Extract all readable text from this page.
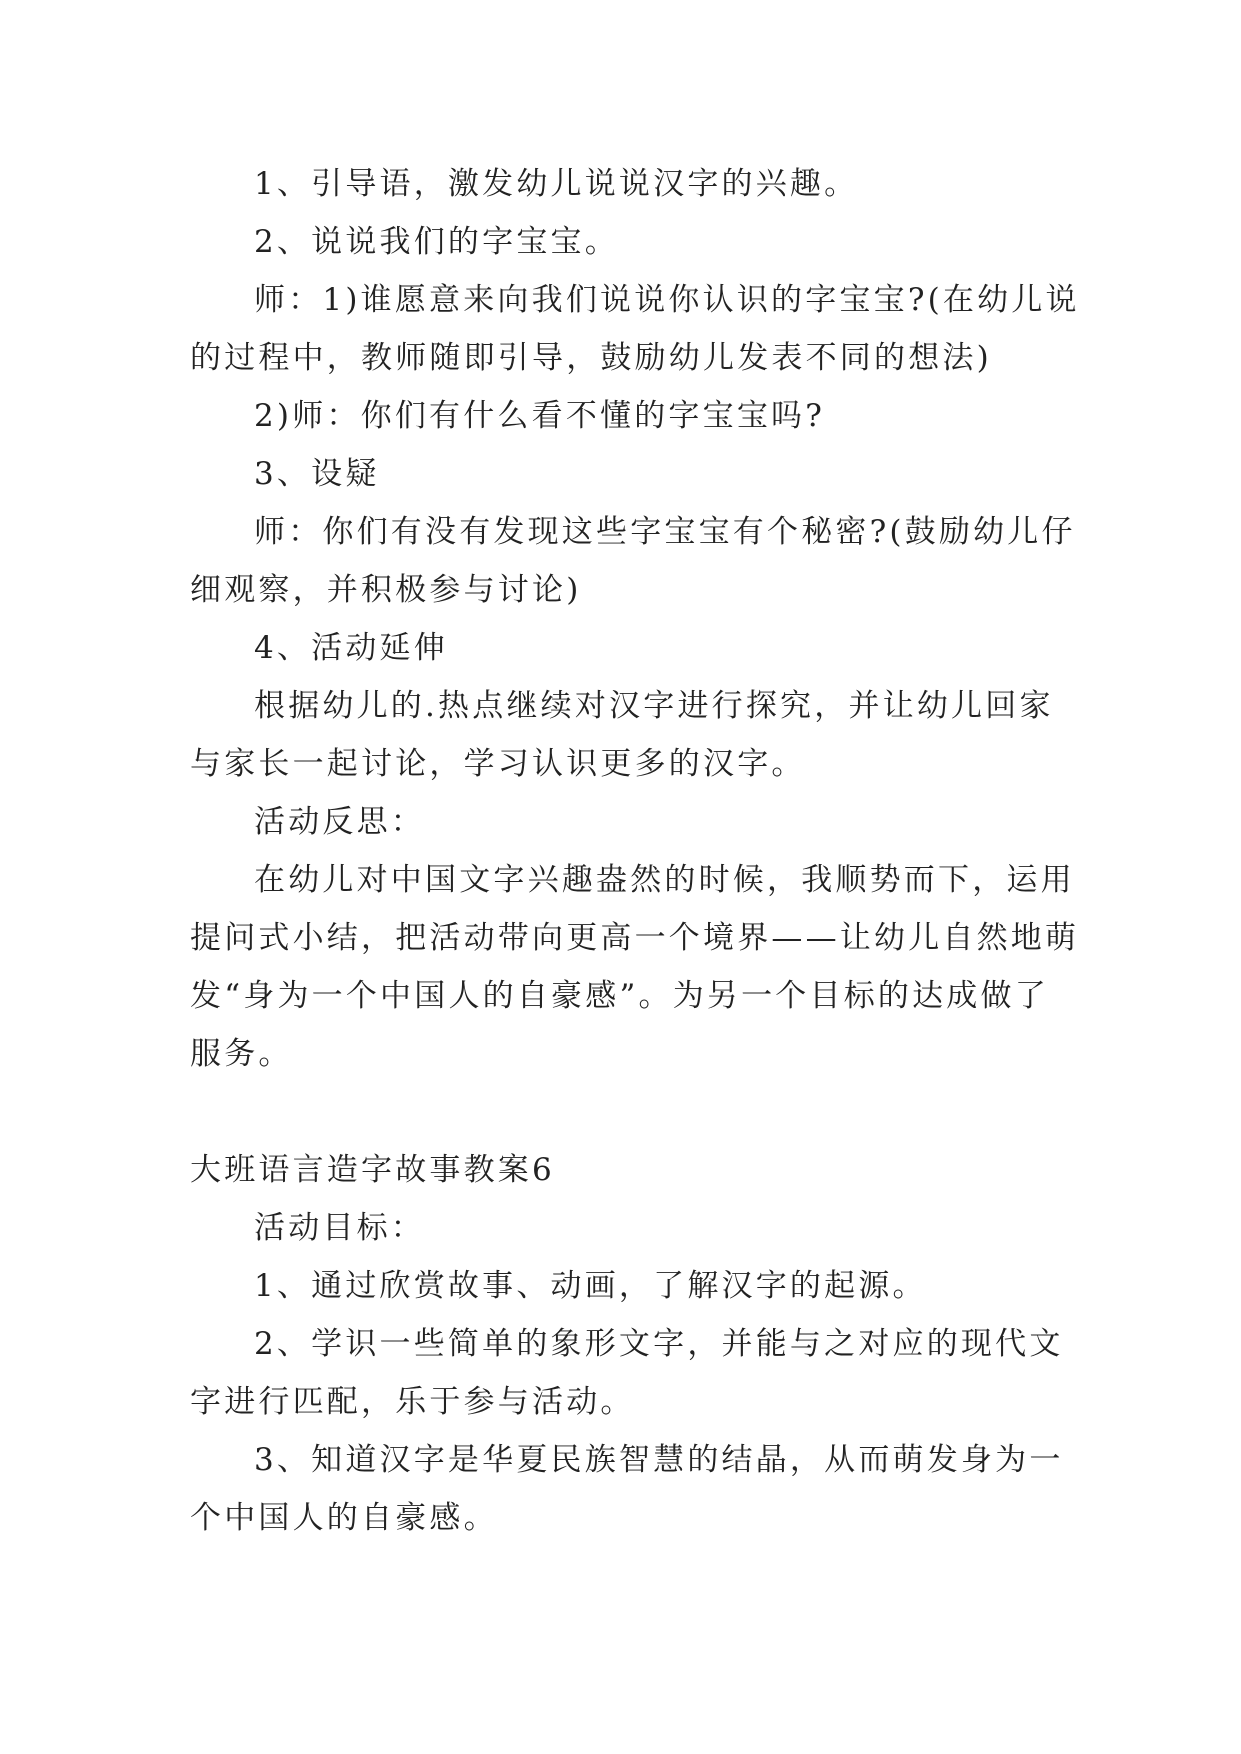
1、引导语，激发幼儿说说汉字的兴趣。
2、说说我们的字宝宝。
师：1)谁愿意来向我们说说你认识的字宝宝?(在幼儿说
的过程中，教师随即引导，鼓励幼儿发表不同的想法)
2)师：你们有什么看不懂的字宝宝吗?
3、设疑
师：你们有没有发现这些字宝宝有个秘密?(鼓励幼儿仔
细观察，并积极参与讨论)
4、活动延伸
根据幼儿的.热点继续对汉字进行探究，并让幼儿回家
与家长一起讨论，学习认识更多的汉字。
活动反思：
在幼儿对中国文字兴趣盎然的时候，我顺势而下，运用
提问式小结，把活动带向更高一个境界——让幼儿自然地萌
发“身为一个中国人的自豪感”。为另一个目标的达成做了
服务。
大班语言造字故事教案6
活动目标：
1、通过欣赏故事、动画，了解汉字的起源。
2、学识一些简单的象形文字，并能与之对应的现代文
字进行匹配，乐于参与活动。
3、知道汉字是华夏民族智慧的结晶，从而萌发身为一
个中国人的自豪感。
